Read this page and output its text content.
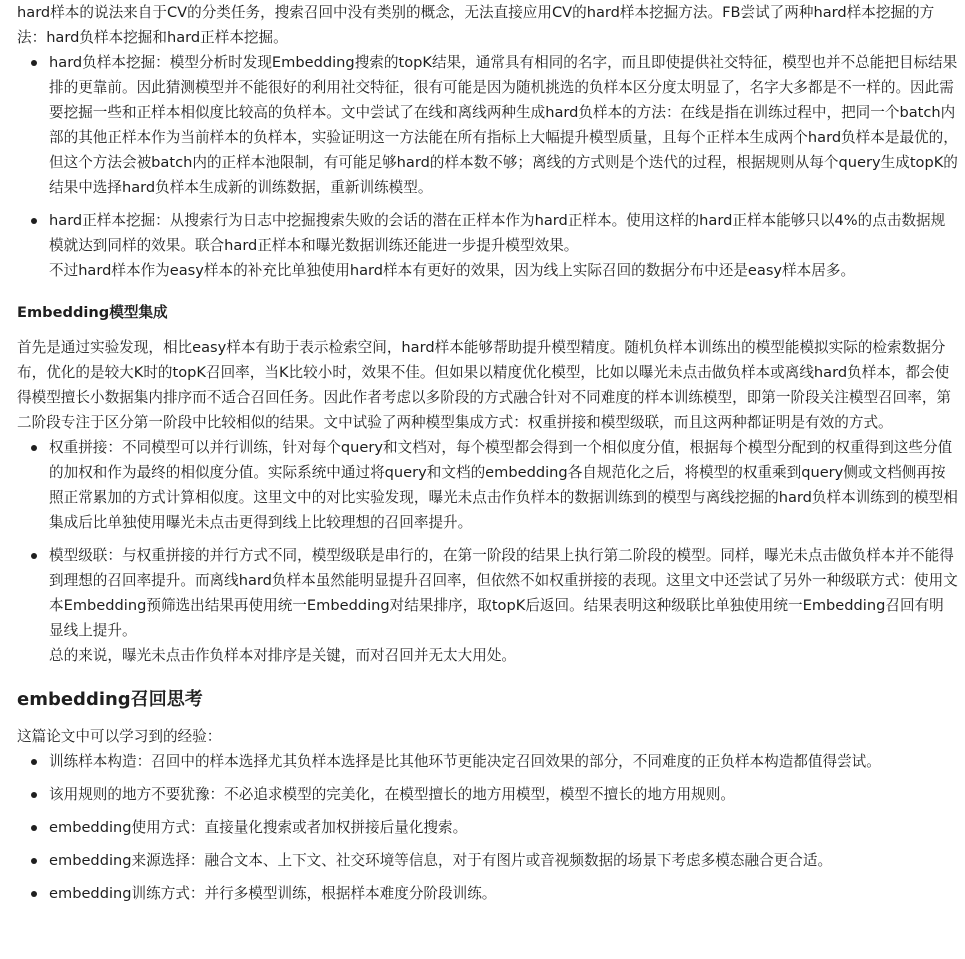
hard样本的说法来自于CV的分类任务，搜索召回中没有类别的概念，无法直接应用CV的hard样本挖掘方法。FB尝试了两种hard样本挖掘的方法：hard负样本挖掘和hard正样本挖掘。

hard负样本挖掘：模型分析时发现Embedding搜索的topK结果，通常具有相同的名字，而且即使提供社交特征，模型也并不总能把目标结果排的更靠前。因此猜测模型并不能很好的利用社交特征，很有可能是因为随机挑选的负样本区分度太明显了，名字大多都是不一样的。因此需要挖掘一些和正样本相似度比较高的负样本。文中尝试了在线和离线两种生成hard负样本的方法：在线是指在训练过程中，把同一个batch内部的其他正样本作为当前样本的负样本，实验证明这一方法能在所有指标上大幅提升模型质量，且每个正样本生成两个hard负样本是最优的，但这个方法会被batch内的正样本池限制，有可能足够hard的样本数不够；离线的方式则是个迭代的过程，根据规则从每个query生成topK的结果中选择hard负样本生成新的训练数据，重新训练模型。
hard正样本挖掘：从搜索行为日志中挖掘搜索失败的会话的潜在正样本作为hard正样本。使用这样的hard正样本能够只以4%的点击数据规模就达到同样的效果。联合hard正样本和曝光数据训练还能进一步提升模型效果。
不过hard样本作为easy样本的补充比单独使用hard样本有更好的效果，因为线上实际召回的数据分布中还是easy样本居多。
Embedding模型集成

首先是通过实验发现，相比easy样本有助于表示检索空间，hard样本能够帮助提升模型精度。随机负样本训练出的模型能模拟实际的检索数据分布，优化的是较大K时的topK召回率，当K比较小时，效果不佳。但如果以精度优化模型，比如以曝光未点击做负样本或离线hard负样本，都会使得模型擅长小数据集内排序而不适合召回任务。因此作者考虑以多阶段的方式融合针对不同难度的样本训练模型，即第一阶段关注模型召回率，第二阶段专注于区分第一阶段中比较相似的结果。文中试验了两种模型集成方式：权重拼接和模型级联，而且这两种都证明是有效的方式。

权重拼接：不同模型可以并行训练，针对每个query和文档对，每个模型都会得到一个相似度分值，根据每个模型分配到的权重得到这些分值的加权和作为最终的相似度分值。实际系统中通过将query和文档的embedding各自规范化之后，将模型的权重乘到query侧或文档侧再按照正常累加的方式计算相似度。这里文中的对比实验发现，曝光未点击作负样本的数据训练到的模型与离线挖掘的hard负样本训练到的模型相集成后比单独使用曝光未点击更得到线上比较理想的召回率提升。
模型级联：与权重拼接的并行方式不同，模型级联是串行的，在第一阶段的结果上执行第二阶段的模型。同样，曝光未点击做负样本并不能得到理想的召回率提升。而离线hard负样本虽然能明显提升召回率，但依然不如权重拼接的表现。这里文中还尝试了另外一种级联方式：使用文本Embedding预筛选出结果再使用统一Embedding对结果排序，取topK后返回。结果表明这种级联比单独使用统一Embedding召回有明显线上提升。
总的来说，曝光未点击作负样本对排序是关键，而对召回并无太大用处。
embedding召回思考

这篇论文中可以学习到的经验：

训练样本构造：召回中的样本选择尤其负样本选择是比其他环节更能决定召回效果的部分，不同难度的正负样本构造都值得尝试。
该用规则的地方不要犹豫：不必追求模型的完美化，在模型擅长的地方用模型，模型不擅长的地方用规则。
embedding使用方式：直接量化搜索或者加权拼接后量化搜索。
embedding来源选择：融合文本、上下文、社交环境等信息，对于有图片或音视频数据的场景下考虑多模态融合更合适。
embedding训练方式：并行多模型训练，根据样本难度分阶段训练。
